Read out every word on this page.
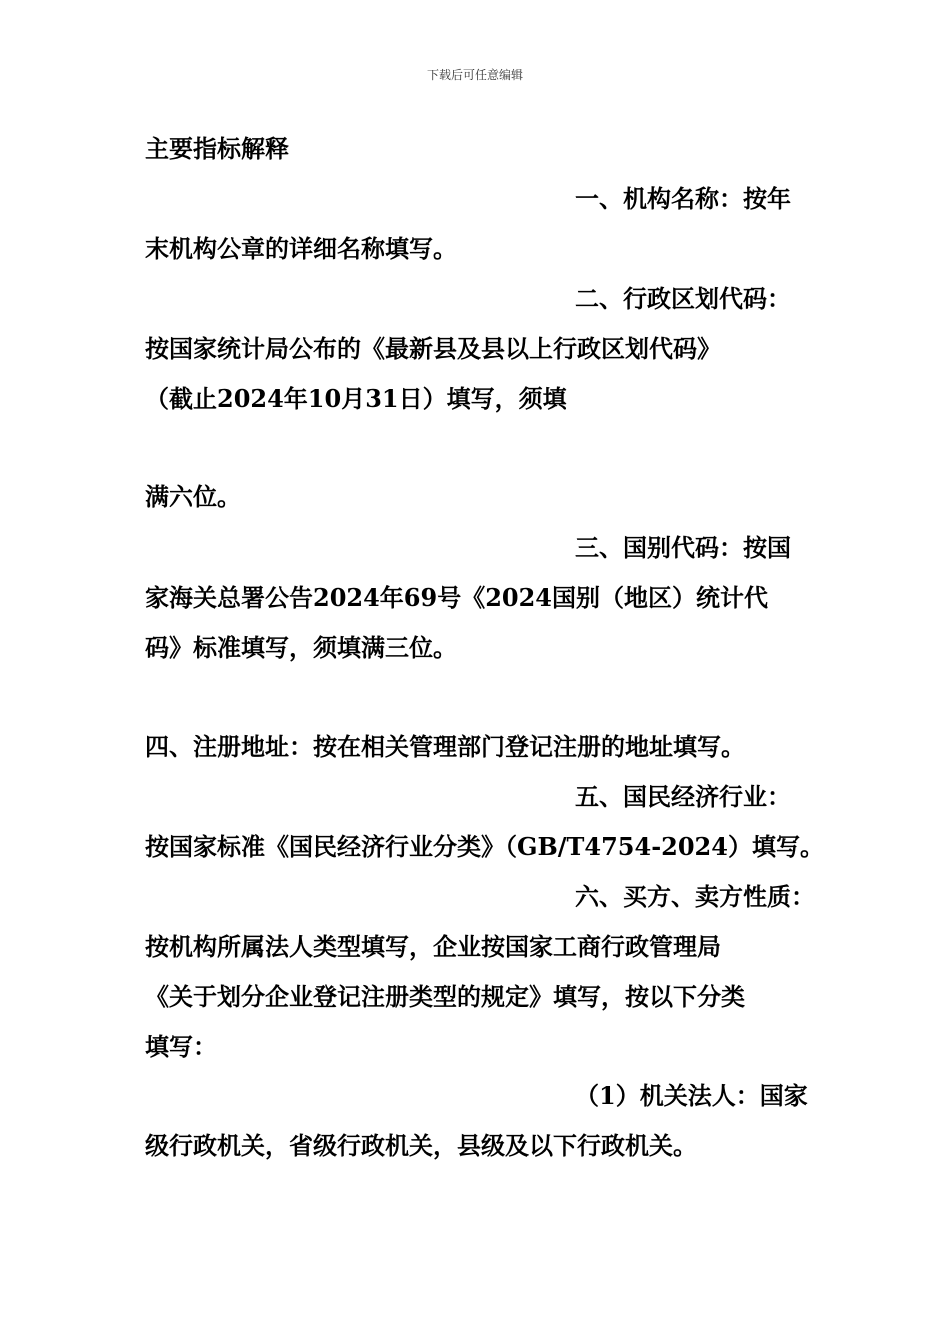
下载后可任意编辑
主要指标解释
一、机构名称：按年
末机构公章的详细名称填写。
二、行政区划代码：
按国家统计局公布的《最新县及县以上行政区划代码》
（截止2024年10月31日）填写，须填
满六位。
三、国别代码：按国
家海关总署公告2024年69号《2024国别（地区）统计代
码》标准填写，须填满三位。
四、注册地址：按在相关管理部门登记注册的地址填写。
五、国民经济行业：
按国家标准《国民经济行业分类》（GB/T4754-2024）填写。
六、买方、卖方性质：
按机构所属法人类型填写，企业按国家工商行政管理局
《关于划分企业登记注册类型的规定》填写，按以下分类
填写：
（1）机关法人：国家
级行政机关，省级行政机关，县级及以下行政机关。
